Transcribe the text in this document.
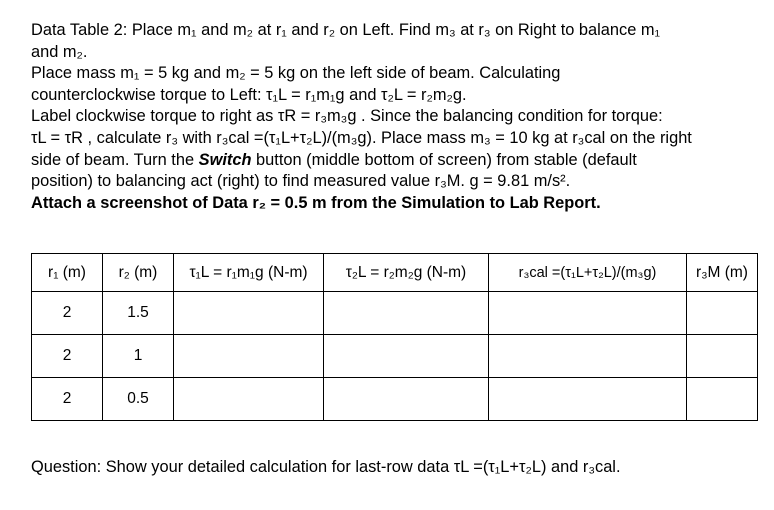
Data Table 2: Place m₁ and m₂ at r₁ and r₂ on Left. Find m₃ at r₃ on Right to balance m₁
and m₂.
Place mass m₁ = 5 kg and m₂ = 5 kg on the left side of beam. Calculating
counterclockwise torque to Left: τ₁L = r₁m₁g and τ₂L = r₂m₂g.
Label clockwise torque to right as τR = r₃m₃g . Since the balancing condition for torque:
τL = τR , calculate r₃ with r₃cal =(τ₁L+τ₂L)/(m₃g). Place mass m₃ = 10 kg at r₃cal on the right
side of beam. Turn the Switch button (middle bottom of screen) from stable (default
position) to balancing act (right) to find measured value r₃M. g = 9.81 m/s².
Attach a screenshot of Data r₂ = 0.5 m from the Simulation to Lab Report.
r₁ (m)	r₂ (m)	τ₁L = r₁m₁g (N-m)	τ₂L = r₂m₂g (N-m)	r₃cal =(τ₁L+τ₂L)/(m₃g)	r₃M (m)
2	1.5				
2	1				
2	0.5				
Question: Show your detailed calculation for last-row data τL =(τ₁L+τ₂L) and r₃cal.
